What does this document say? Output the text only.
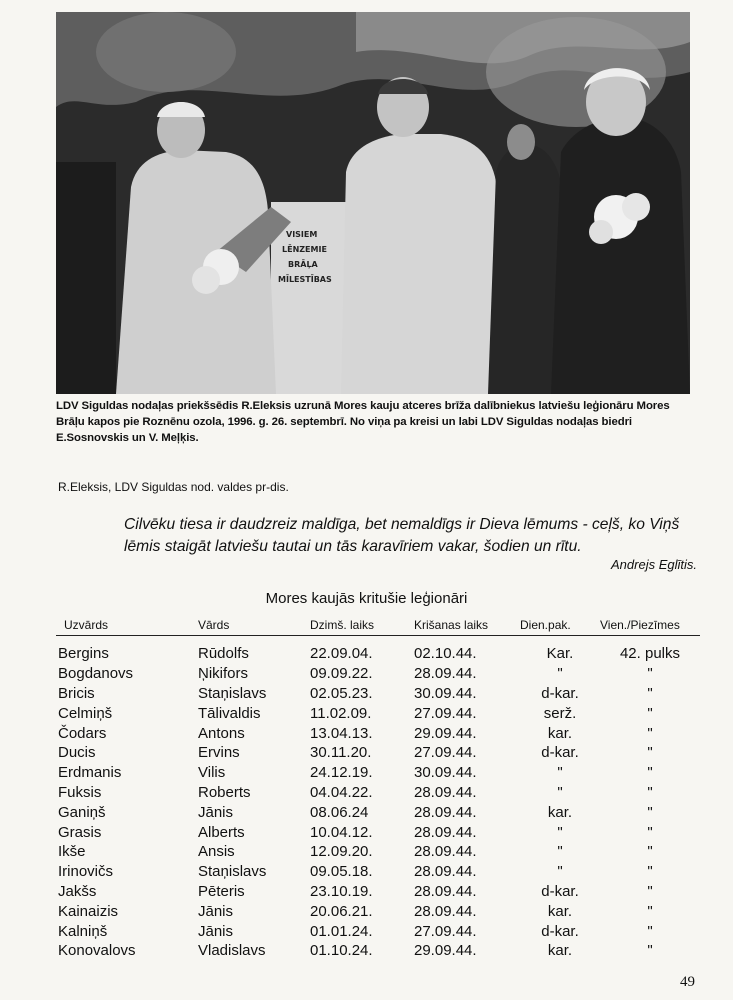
VISIEM
LĒNZEMIE
BRĀĻA
MĪLESTĪBAS
LDV Siguldas nodaļas priekšsēdis R.Eleksis uzrunā Mores kauju atceres brīža dalībniekus latviešu leģionāru Mores Brāļu kapos pie Roznēnu ozola, 1996. g. 26. septembrī. No viņa pa kreisi un labi LDV Siguldas nodaļas biedri E.Sosnovskis un V. Meļķis.
R.Eleksis, LDV Siguldas nod. valdes pr-dis.
Cilvēku tiesa ir daudzreiz maldīga, bet nemaldīgs ir Dieva lēmums - ceļš, ko Viņš lēmis staigāt latviešu tautai un tās karavīriem vakar, šodien un rītu.
Andrejs Eglītis.
Mores kaujās kritušie leģionāri
Uzvārds	Vārds	Dzimš. laiks	Krišanas laiks	Dien.pak.	Vien./Piezīmes
Bergins	Rūdolfs	22.09.04.	02.10.44.	Kar.	42. pulks
Bogdanovs	Ņikifors	09.09.22.	28.09.44.	"	"
Bricis	Staņislavs	02.05.23.	30.09.44.	d-kar.	"
Celmiņš	Tālivaldis	11.02.09.	27.09.44.	serž.	"
Čodars	Antons	13.04.13.	29.09.44.	kar.	"
Ducis	Ervins	30.11.20.	27.09.44.	d-kar.	"
Erdmanis	Vilis	24.12.19.	30.09.44.	"	"
Fuksis	Roberts	04.04.22.	28.09.44.	"	"
Ganiņš	Jānis	08.06.24	28.09.44.	kar.	"
Grasis	Alberts	10.04.12.	28.09.44.	"	"
Ikše	Ansis	12.09.20.	28.09.44.	"	"
Irinovičs	Staņislavs	09.05.18.	28.09.44.	"	"
Jakšs	Pēteris	23.10.19.	28.09.44.	d-kar.	"
Kainaizis	Jānis	20.06.21.	28.09.44.	kar.	"
Kalniņš	Jānis	01.01.24.	27.09.44.	d-kar.	"
Konovalovs	Vladislavs	01.10.24.	29.09.44.	kar.	"
49
